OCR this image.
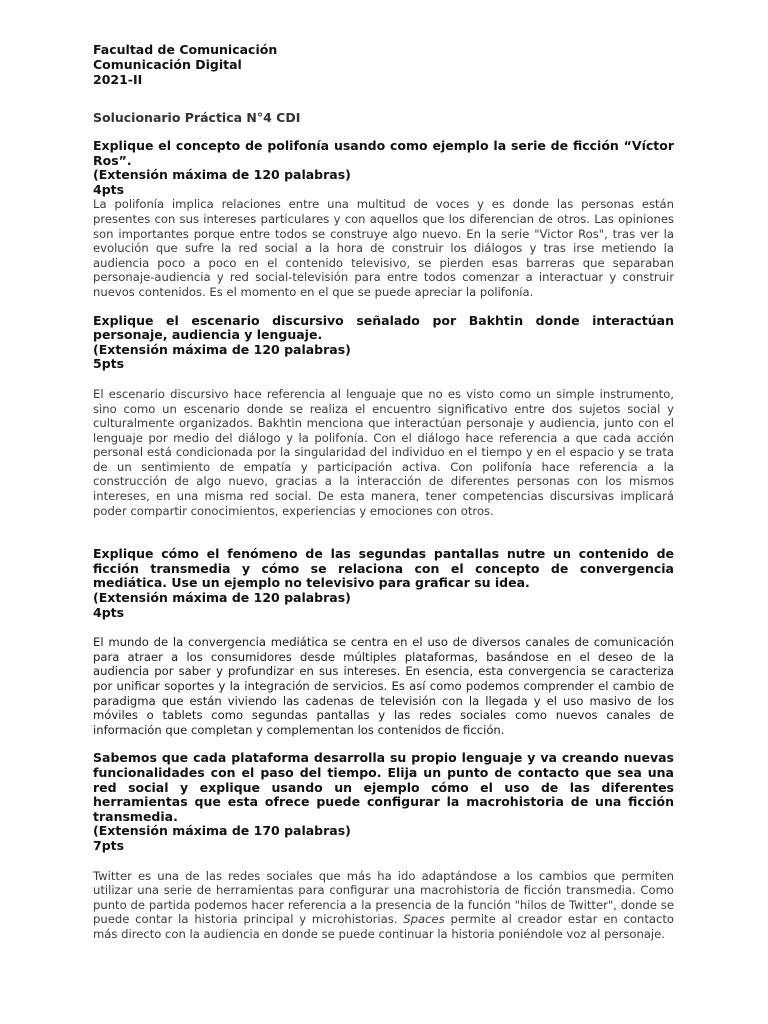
Facultad de Comunicación
Comunicación Digital
2021-II
Solucionario Práctica N°4 CDI
Explique el concepto de polifonía usando como ejemplo la serie de ficción “Víctor Ros”.
(Extensión máxima de 120 palabras)
4pts
La polifonía implica relaciones entre una multitud de voces y es donde las personas están presentes con sus intereses particulares y con aquellos que los diferencian de otros. Las opiniones son importantes porque entre todos se construye algo nuevo. En la serie "Victor Ros", tras ver la evolución que sufre la red social a la hora de construir los diálogos y tras irse metiendo la audiencia poco a poco en el contenido televisivo, se pierden esas barreras que separaban personaje-audiencia y red social-televisión para entre todos comenzar a interactuar y construir nuevos contenidos. Es el momento en el que se puede apreciar la polifonía.
Explique el escenario discursivo señalado por Bakhtin donde interactúan personaje, audiencia y lenguaje.
(Extensión máxima de 120 palabras)
5pts
El escenario discursivo hace referencia al lenguaje que no es visto como un simple instrumento, sino como un escenario donde se realiza el encuentro significativo entre dos sujetos social y culturalmente organizados. Bakhtin menciona que interactúan personaje y audiencia, junto con el lenguaje por medio del diálogo y la polifonía. Con el diálogo hace referencia a que cada acción personal está condicionada por la singularidad del individuo en el tiempo y en el espacio y se trata de un sentimiento de empatía y participación activa. Con polifonía hace referencia a la construcción de algo nuevo, gracias a la interacción de diferentes personas con los mismos intereses, en una misma red social. De esta manera, tener competencias discursivas implicará poder compartir conocimientos, experiencias y emociones con otros.
Explique cómo el fenómeno de las segundas pantallas nutre un contenido de ficción transmedia y cómo se relaciona con el concepto de convergencia mediática. Use un ejemplo no televisivo para graficar su idea.
(Extensión máxima de 120 palabras)
4pts
El mundo de la convergencia mediática se centra en el uso de diversos canales de comunicación para atraer a los consumidores desde múltiples plataformas, basándose en el deseo de la audiencia por saber y profundizar en sus intereses. En esencia, esta convergencia se caracteriza por unificar soportes y la integración de servicios. Es así como podemos comprender el cambio de paradigma que están viviendo las cadenas de televisión con la llegada y el uso masivo de los móviles o tablets como segundas pantallas y las redes sociales como nuevos canales de información que completan y complementan los contenidos de ficción.
Sabemos que cada plataforma desarrolla su propio lenguaje y va creando nuevas funcionalidades con el paso del tiempo. Elija un punto de contacto que sea una red social y explique usando un ejemplo cómo el uso de las diferentes herramientas que esta ofrece puede configurar la macrohistoria de una ficción transmedia.
(Extensión máxima de 170 palabras)
7pts
Twitter es una de las redes sociales que más ha ido adaptándose a los cambios que permiten utilizar una serie de herramientas para configurar una macrohistoria de ficción transmedia. Como punto de partida podemos hacer referencia a la presencia de la función "hilos de Twitter", donde se puede contar la historia principal y microhistorias. Spaces permite al creador estar en contacto más directo con la audiencia en donde se puede continuar la historia poniéndole voz al personaje.
